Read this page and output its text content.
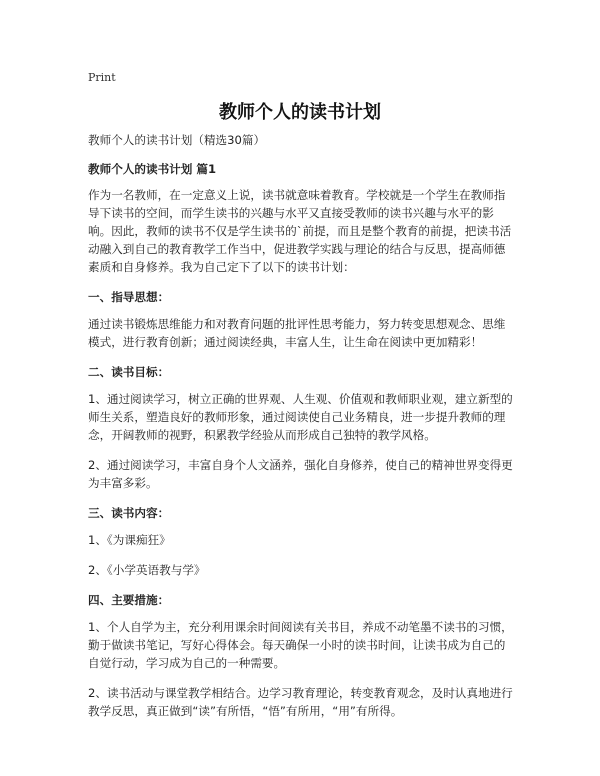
Print
教师个人的读书计划

教师个人的读书计划（精选30篇）

教师个人的读书计划 篇1

作为一名教师，在一定意义上说，读书就意味着教育。学校就是一个学生在教师指导下读书的空间，而学生读书的兴趣与水平又直接受教师的读书兴趣与水平的影响。因此，教师的读书不仅是学生读书的`前提，而且是整个教育的前提，把读书活动融入到自己的教育教学工作当中，促进教学实践与理论的结合与反思，提高师德素质和自身修养。我为自己定下了以下的读书计划：

一、指导思想：

通过读书锻炼思维能力和对教育问题的批评性思考能力，努力转变思想观念、思维模式，进行教育创新；通过阅读经典，丰富人生，让生命在阅读中更加精彩！

二、读书目标：

1、通过阅读学习，树立正确的世界观、人生观、价值观和教师职业观，建立新型的师生关系，塑造良好的教师形象，通过阅读使自己业务精良，进一步提升教师的理念，开阔教师的视野，积累教学经验从而形成自己独特的教学风格。

2、通过阅读学习，丰富自身个人文涵养，强化自身修养，使自己的精神世界变得更为丰富多彩。

三、读书内容：

1、《为课痴狂》

2、《小学英语教与学》

四、主要措施：

1、个人自学为主，充分利用课余时间阅读有关书目，养成不动笔墨不读书的习惯，勤于做读书笔记，写好心得体会。每天确保一小时的读书时间，让读书成为自己的自觉行动，学习成为自己的一种需要。

2、读书活动与课堂教学相结合。边学习教育理论，转变教育观念，及时认真地进行教学反思，真正做到“读”有所悟，“悟”有所用，“用”有所得。
